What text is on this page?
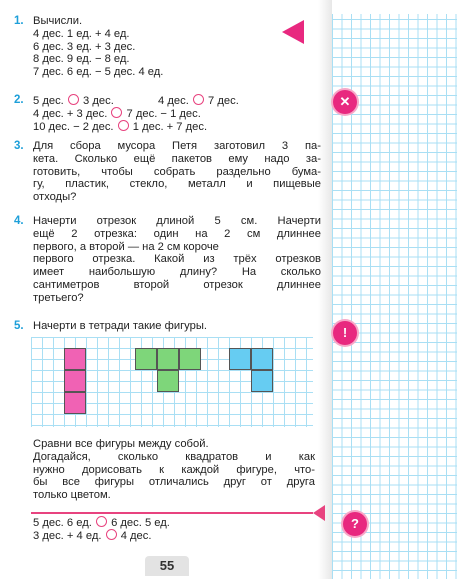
1. Вычисли.
4 дес. 1 ед. + 4 ед.
6 дес. 3 ед. + 3 дес.
8 дес. 9 ед. − 8 ед.
7 дес. 6 ед. − 5 дес. 4 ед.
2. 5 дес. 3 дес.	4 дес. 7 дес.
4 дес. + 3 дес. 7 дес. − 1 дес.
10 дес. − 2 дес. 1 дес. + 7 дес.
✕
3. Для сбора мусора Петя заготовил 3 па-
кета. Сколько ещё пакетов ему надо за-
готовить, чтобы собрать раздельно бума-
гу, пластик, стекло, металл и пищевые
отходы?
4. Начерти отрезок длиной 5 см. Начерти
ещё 2 отрезка: один на 2 см длиннее
первого, а второй — на 2 см короче
первого отрезка. Какой из трёх отрезков
имеет наибольшую длину? На сколько
сантиметров второй отрезок длиннее
третьего?
5. Начерти в тетради такие фигуры.	!
Сравни все фигуры между собой.
Догадайся, сколько квадратов и как
нужно дорисовать к каждой фигуре, что-
бы все фигуры отличались друг от друга
только цветом.
?
5 дес. 6 ед. 6 дес. 5 ед.
3 дес. + 4 ед. 4 дес.
55
